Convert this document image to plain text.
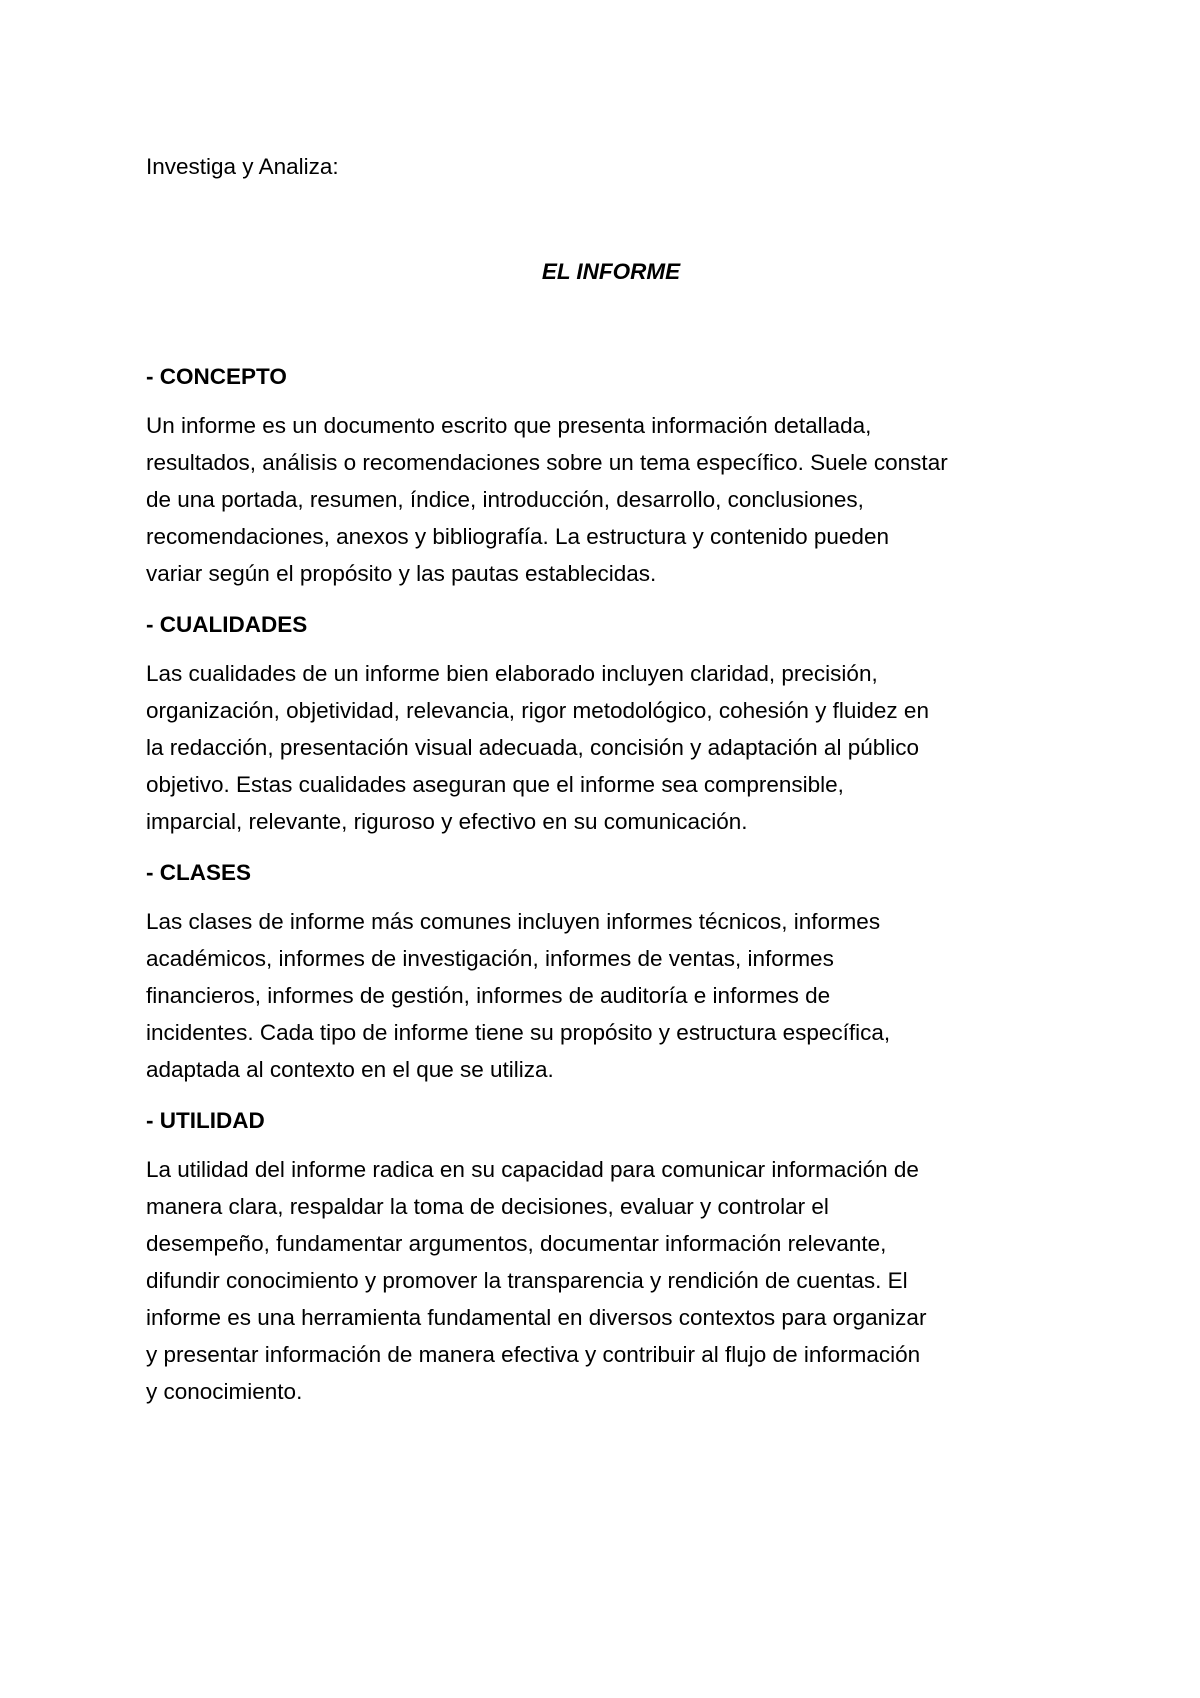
Investiga y Analiza:

EL INFORME

- CONCEPTO

Un informe es un documento escrito que presenta información detallada,
resultados, análisis o recomendaciones sobre un tema específico. Suele constar
de una portada, resumen, índice, introducción, desarrollo, conclusiones,
recomendaciones, anexos y bibliografía. La estructura y contenido pueden
variar según el propósito y las pautas establecidas.

- CUALIDADES

Las cualidades de un informe bien elaborado incluyen claridad, precisión,
organización, objetividad, relevancia, rigor metodológico, cohesión y fluidez en
la redacción, presentación visual adecuada, concisión y adaptación al público
objetivo. Estas cualidades aseguran que el informe sea comprensible,
imparcial, relevante, riguroso y efectivo en su comunicación.

- CLASES

Las clases de informe más comunes incluyen informes técnicos, informes
académicos, informes de investigación, informes de ventas, informes
financieros, informes de gestión, informes de auditoría e informes de
incidentes. Cada tipo de informe tiene su propósito y estructura específica,
adaptada al contexto en el que se utiliza.

- UTILIDAD

La utilidad del informe radica en su capacidad para comunicar información de
manera clara, respaldar la toma de decisiones, evaluar y controlar el
desempeño, fundamentar argumentos, documentar información relevante,
difundir conocimiento y promover la transparencia y rendición de cuentas. El
informe es una herramienta fundamental en diversos contextos para organizar
y presentar información de manera efectiva y contribuir al flujo de información
y conocimiento.
